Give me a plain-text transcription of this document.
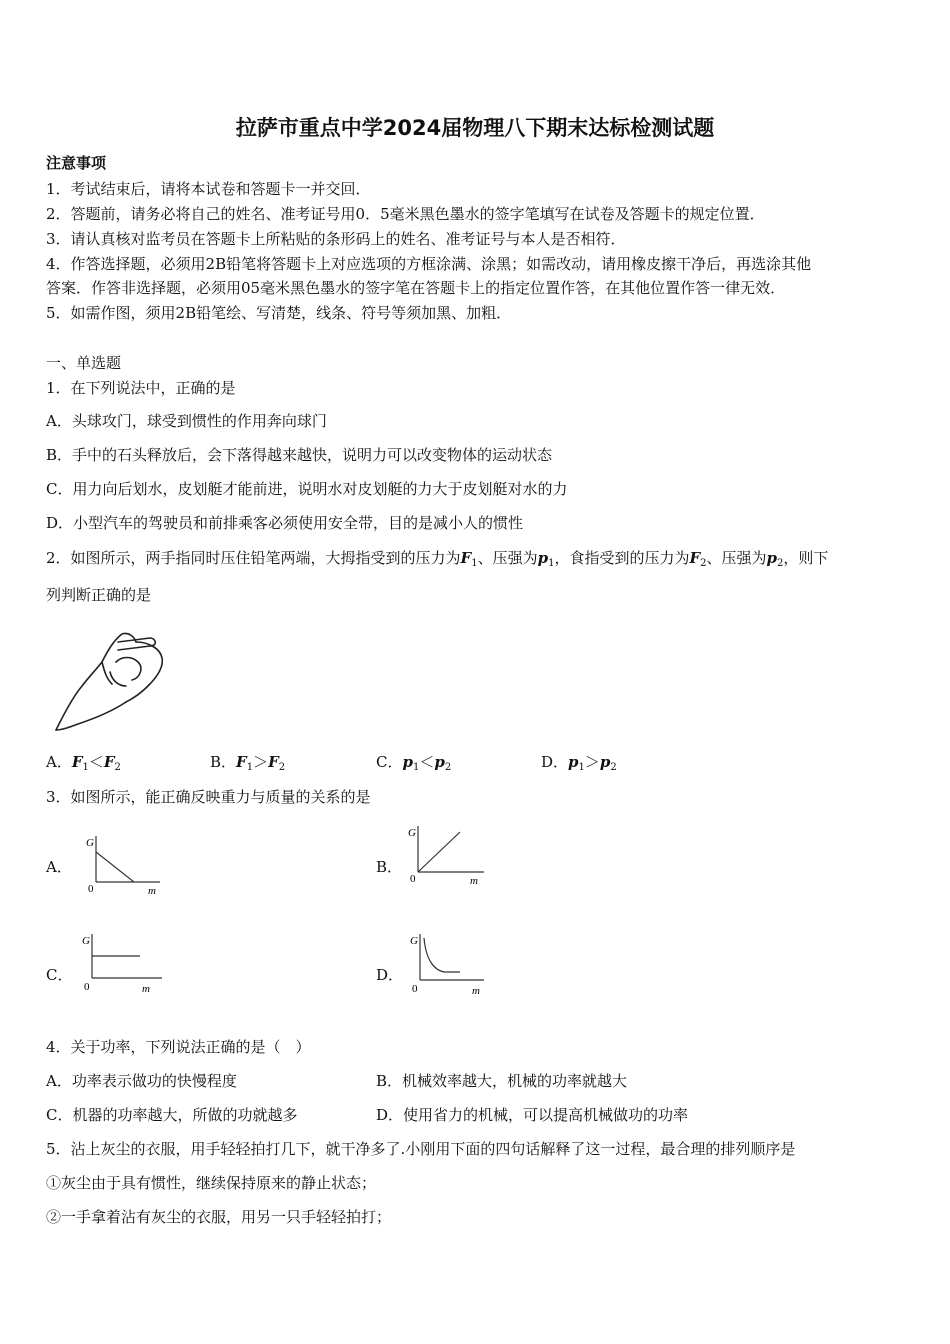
拉萨市重点中学2024届物理八下期末达标检测试题
注意事项
1．考试结束后，请将本试卷和答题卡一并交回．
2．答题前，请务必将自己的姓名、准考证号用0．5毫米黑色墨水的签字笔填写在试卷及答题卡的规定位置．
3．请认真核对监考员在答题卡上所粘贴的条形码上的姓名、准考证号与本人是否相符．
4．作答选择题，必须用2B铅笔将答题卡上对应选项的方框涂满、涂黑；如需改动，请用橡皮擦干净后，再选涂其他
答案．作答非选择题，必须用05毫米黑色墨水的签字笔在答题卡上的指定位置作答，在其他位置作答一律无效．
5．如需作图，须用2B铅笔绘、写清楚，线条、符号等须加黑、加粗．
一、单选题
1．在下列说法中，正确的是
A．头球攻门，球受到惯性的作用奔向球门
B．手中的石头释放后，会下落得越来越快，说明力可以改变物体的运动状态
C．用力向后划水，皮划艇才能前进，说明水对皮划艇的力大于皮划艇对水的力
D．小型汽车的驾驶员和前排乘客必须使用安全带，目的是减小人的惯性
2．如图所示，两手指同时压住铅笔两端，大拇指受到的压力为$F_1$、压强为$p_1$，食指受到的压力为$F_2$、压强为$p_2$，则下
列判断正确的是
A．$F_1<F_2$	B．$F_1>F_2$	C．$p_1<p_2$	D．$p_1>p_2$
3．如图所示，能正确反映重力与质量的关系的是
A．
G
0	m
B．
G
0	m
C．
G
0	m
D．
G
0	m
4．关于功率，下列说法正确的是（　）
A．功率表示做功的快慢程度	B．机械效率越大，机械的功率就越大
C．机器的功率越大，所做的功就越多	D．使用省力的机械，可以提高机械做功的功率
5．沾上灰尘的衣服，用手轻轻拍打几下，就干净多了.小刚用下面的四句话解释了这一过程，最合理的排列顺序是
①灰尘由于具有惯性，继续保持原来的静止状态；
②一手拿着沾有灰尘的衣服，用另一只手轻轻拍打；
